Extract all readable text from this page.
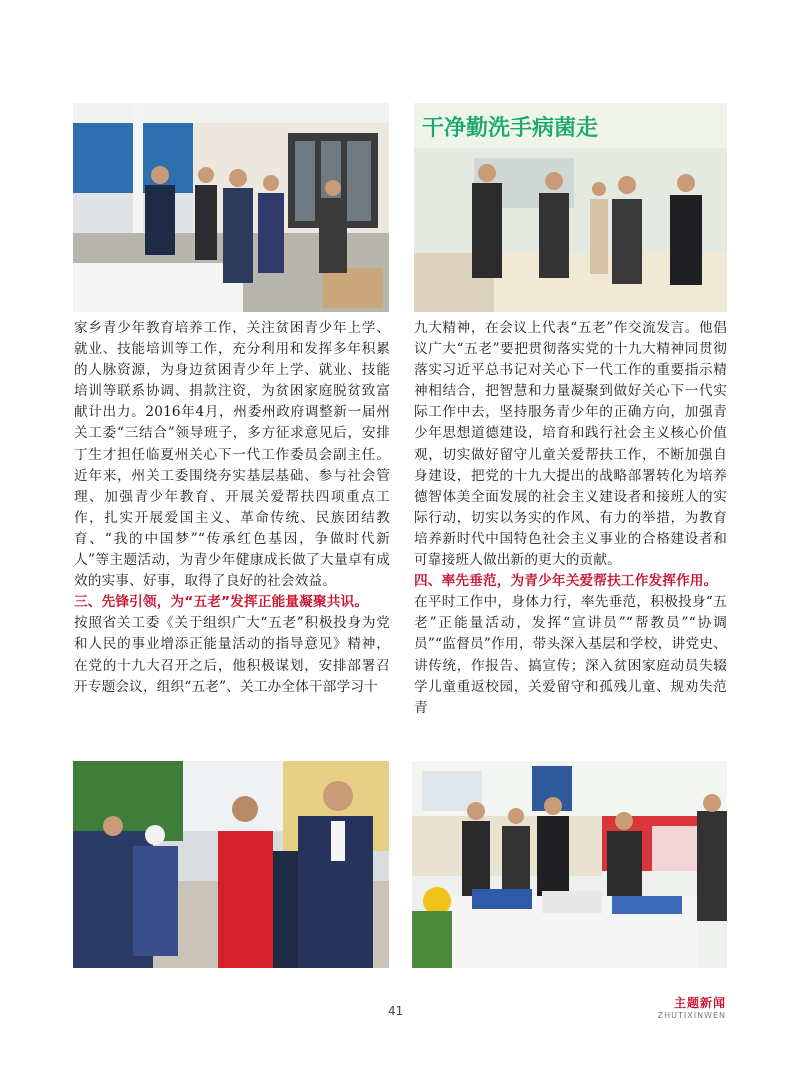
干净勤洗手病菌走

家乡青少年教育培养工作，关注贫困青少年上学、就业、技能培训等工作，充分利用和发挥多年积累的人脉资源，为身边贫困青少年上学、就业、技能培训等联系协调、捐款注资，为贫困家庭脱贫致富献计出力。2016年4月，州委州政府调整新一届州关工委“三结合”领导班子，多方征求意见后，安排丁生才担任临夏州关心下一代工作委员会副主任。近年来，州关工委围绕夯实基层基础、参与社会管理、加强青少年教育、开展关爱帮扶四项重点工作，扎实开展爱国主义、革命传统、民族团结教育、“我的中国梦”“传承红色基因，争做时代新人”等主题活动，为青少年健康成长做了大量卓有成效的实事、好事，取得了良好的社会效益。

三、先锋引领，为“五老”发挥正能量凝聚共识。

按照省关工委《关于组织广大“五老”积极投身为党和人民的事业增添正能量活动的指导意见》精神，在党的十九大召开之后，他积极谋划，安排部署召开专题会议，组织“五老”、关工办全体干部学习十

九大精神，在会议上代表“五老”作交流发言。他倡议广大“五老”要把贯彻落实党的十九大精神同贯彻落实习近平总书记对关心下一代工作的重要指示精神相结合，把智慧和力量凝聚到做好关心下一代实际工作中去，坚持服务青少年的正确方向，加强青少年思想道德建设，培育和践行社会主义核心价值观，切实做好留守儿童关爱帮扶工作，不断加强自身建设，把党的十九大提出的战略部署转化为培养德智体美全面发展的社会主义建设者和接班人的实际行动，切实以务实的作风、有力的举措，为教育培养新时代中国特色社会主义事业的合格建设者和可靠接班人做出新的更大的贡献。

四、率先垂范，为青少年关爱帮扶工作发挥作用。

在平时工作中，身体力行，率先垂范，积极投身“五老”正能量活动，发挥“宣讲员”“帮教员”“协调员”“监督员”作用，带头深入基层和学校，讲党史、讲传统，作报告、搞宣传；深入贫困家庭动员失辍学儿童重返校园，关爱留守和孤残儿童、规劝失范青

41
主题新闻
ZHUTIXINWEN
